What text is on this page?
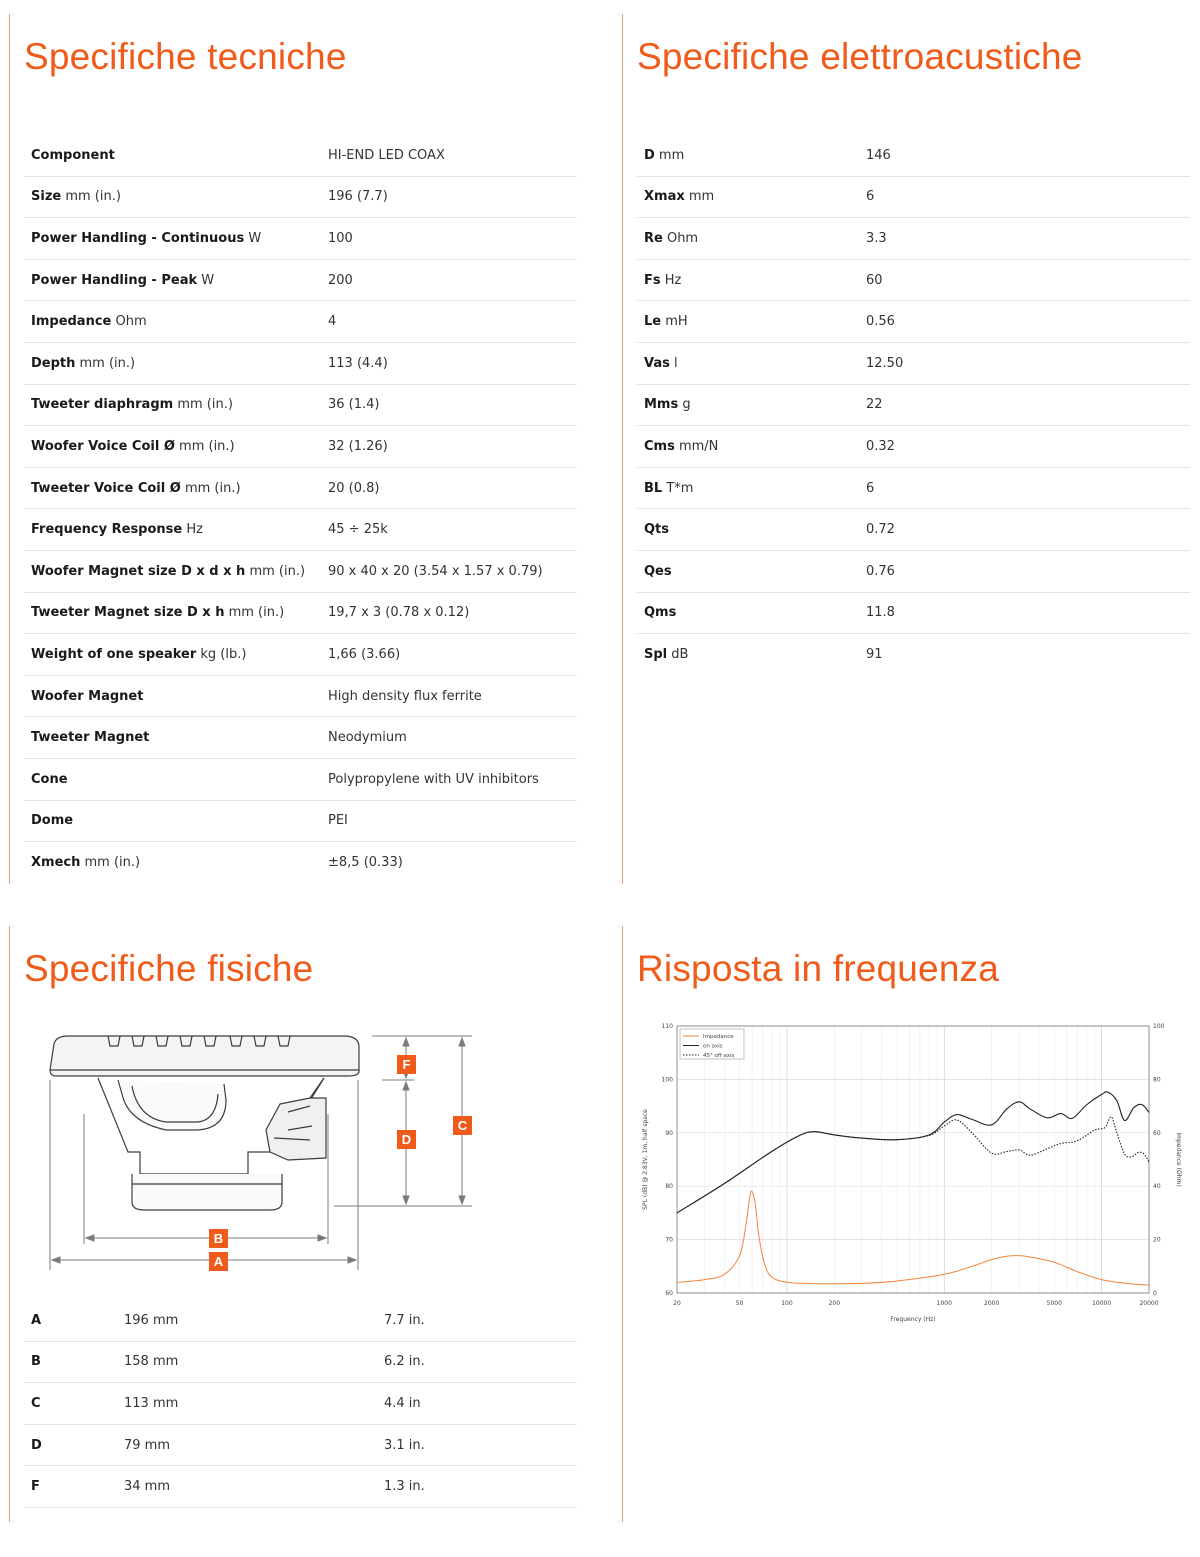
Specifiche tecniche
Component	HI-END LED COAX
Size mm (in.)	196 (7.7)
Power Handling - Continuous W	100
Power Handling - Peak W	200
Impedance Ohm	4
Depth mm (in.)	113 (4.4)
Tweeter diaphragm mm (in.)	36 (1.4)
Woofer Voice Coil Ø mm (in.)	32 (1.26)
Tweeter Voice Coil Ø mm (in.)	20 (0.8)
Frequency Response Hz	45 ÷ 25k
Woofer Magnet size D x d x h mm (in.)	90 x 40 x 20 (3.54 x 1.57 x 0.79)
Tweeter Magnet size D x h mm (in.)	19,7 x 3 (0.78 x 0.12)
Weight of one speaker kg (lb.)	1,66 (3.66)
Woofer Magnet	High density flux ferrite
Tweeter Magnet	Neodymium
Cone	Polypropylene with UV inhibitors
Dome	PEI
Xmech mm (in.)	±8,5 (0.33)
Specifiche elettroacustiche
D mm	146
Xmax mm	6
Re Ohm	3.3
Fs Hz	60
Le mH	0.56
Vas l	12.50
Mms g	22
Cms mm/N	0.32
BL T*m	6
Qts	0.72
Qes	0.76
Qms	11.8
Spl dB	91
Specifiche fisiche
F
D
C
B
A
A	196 mm	7.7 in.
B	158 mm	6.2 in.
C	113 mm	4.4 in
D	79 mm	3.1 in.
F	34 mm	1.3 in.
Risposta in frequenza
20	50	100	200	1000	2000	5000	10000	20000
60
70
80
90
100
110
0
20
40
60
80
100
Frequency (Hz)
SPL (dB) @ 2.83V, 1m, half space	Impedance (Ohm)
Impedance
on axis
45° off axis
